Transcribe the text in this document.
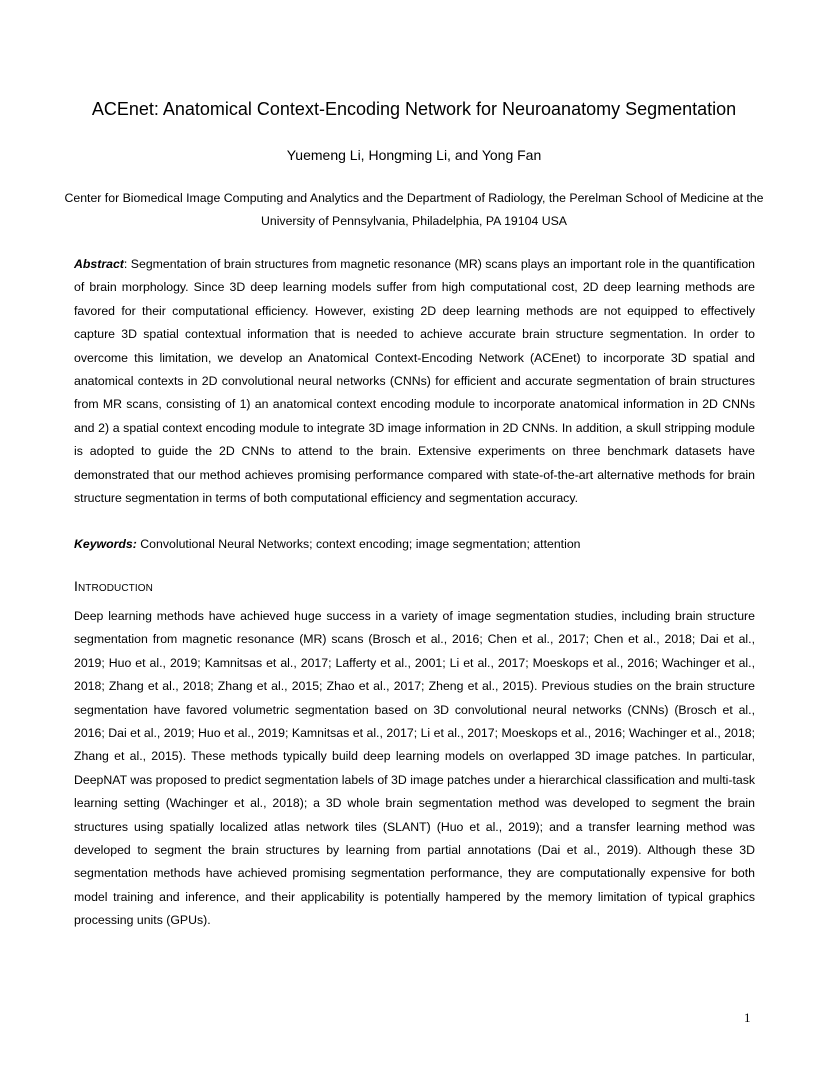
ACEnet: Anatomical Context-Encoding Network for Neuroanatomy Segmentation
Yuemeng Li, Hongming Li, and Yong Fan
Center for Biomedical Image Computing and Analytics and the Department of Radiology, the Perelman School of Medicine at the University of Pennsylvania, Philadelphia, PA 19104 USA

Abstract: Segmentation of brain structures from magnetic resonance (MR) scans plays an important role in the quantification of brain morphology. Since 3D deep learning models suffer from high computational cost, 2D deep learning methods are favored for their computational efficiency. However, existing 2D deep learning methods are not equipped to effectively capture 3D spatial contextual information that is needed to achieve accurate brain structure segmentation. In order to overcome this limitation, we develop an Anatomical Context-Encoding Network (ACEnet) to incorporate 3D spatial and anatomical contexts in 2D convolutional neural networks (CNNs) for efficient and accurate segmentation of brain structures from MR scans, consisting of 1) an anatomical context encoding module to incorporate anatomical information in 2D CNNs and 2) a spatial context encoding module to integrate 3D image information in 2D CNNs. In addition, a skull stripping module is adopted to guide the 2D CNNs to attend to the brain. Extensive experiments on three benchmark datasets have demonstrated that our method achieves promising performance compared with state-of-the-art alternative methods for brain structure segmentation in terms of both computational efficiency and segmentation accuracy.

Keywords: Convolutional Neural Networks; context encoding; image segmentation; attention

Introduction

Deep learning methods have achieved huge success in a variety of image segmentation studies, including brain structure segmentation from magnetic resonance (MR) scans (Brosch et al., 2016; Chen et al., 2017; Chen et al., 2018; Dai et al., 2019; Huo et al., 2019; Kamnitsas et al., 2017; Lafferty et al., 2001; Li et al., 2017; Moeskops et al., 2016; Wachinger et al., 2018; Zhang et al., 2018; Zhang et al., 2015; Zhao et al., 2017; Zheng et al., 2015). Previous studies on the brain structure segmentation have favored volumetric segmentation based on 3D convolutional neural networks (CNNs) (Brosch et al., 2016; Dai et al., 2019; Huo et al., 2019; Kamnitsas et al., 2017; Li et al., 2017; Moeskops et al., 2016; Wachinger et al., 2018; Zhang et al., 2015). These methods typically build deep learning models on overlapped 3D image patches. In particular, DeepNAT was proposed to predict segmentation labels of 3D image patches under a hierarchical classification and multi-task learning setting (Wachinger et al., 2018); a 3D whole brain segmentation method was developed to segment the brain structures using spatially localized atlas network tiles (SLANT) (Huo et al., 2019); and a transfer learning method was developed to segment the brain structures by learning from partial annotations (Dai et al., 2019). Although these 3D segmentation methods have achieved promising segmentation performance, they are computationally expensive for both model training and inference, and their applicability is potentially hampered by the memory limitation of typical graphics processing units (GPUs).

1
